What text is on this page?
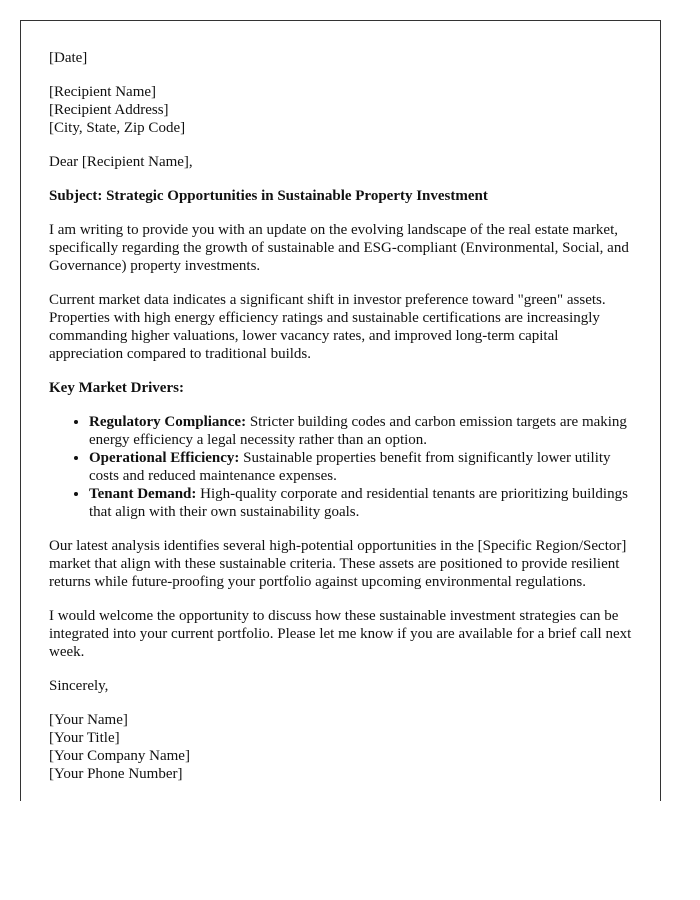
[Date]

[Recipient Name]
[Recipient Address]
[City, State, Zip Code]

Dear [Recipient Name],

Subject: Strategic Opportunities in Sustainable Property Investment

I am writing to provide you with an update on the evolving landscape of the real estate market, specifically regarding the growth of sustainable and ESG-compliant (Environmental, Social, and Governance) property investments.

Current market data indicates a significant shift in investor preference toward "green" assets. Properties with high energy efficiency ratings and sustainable certifications are increasingly commanding higher valuations, lower vacancy rates, and improved long-term capital appreciation compared to traditional builds.

Key Market Drivers:

• Regulatory Compliance: Stricter building codes and carbon emission targets are making energy efficiency a legal necessity rather than an option.
• Operational Efficiency: Sustainable properties benefit from significantly lower utility costs and reduced maintenance expenses.
• Tenant Demand: High-quality corporate and residential tenants are prioritizing buildings that align with their own sustainability goals.

Our latest analysis identifies several high-potential opportunities in the [Specific Region/Sector] market that align with these sustainable criteria. These assets are positioned to provide resilient returns while future-proofing your portfolio against upcoming environmental regulations.

I would welcome the opportunity to discuss how these sustainable investment strategies can be integrated into your current portfolio. Please let me know if you are available for a brief call next week.

Sincerely,

[Your Name]
[Your Title]
[Your Company Name]
[Your Phone Number]
